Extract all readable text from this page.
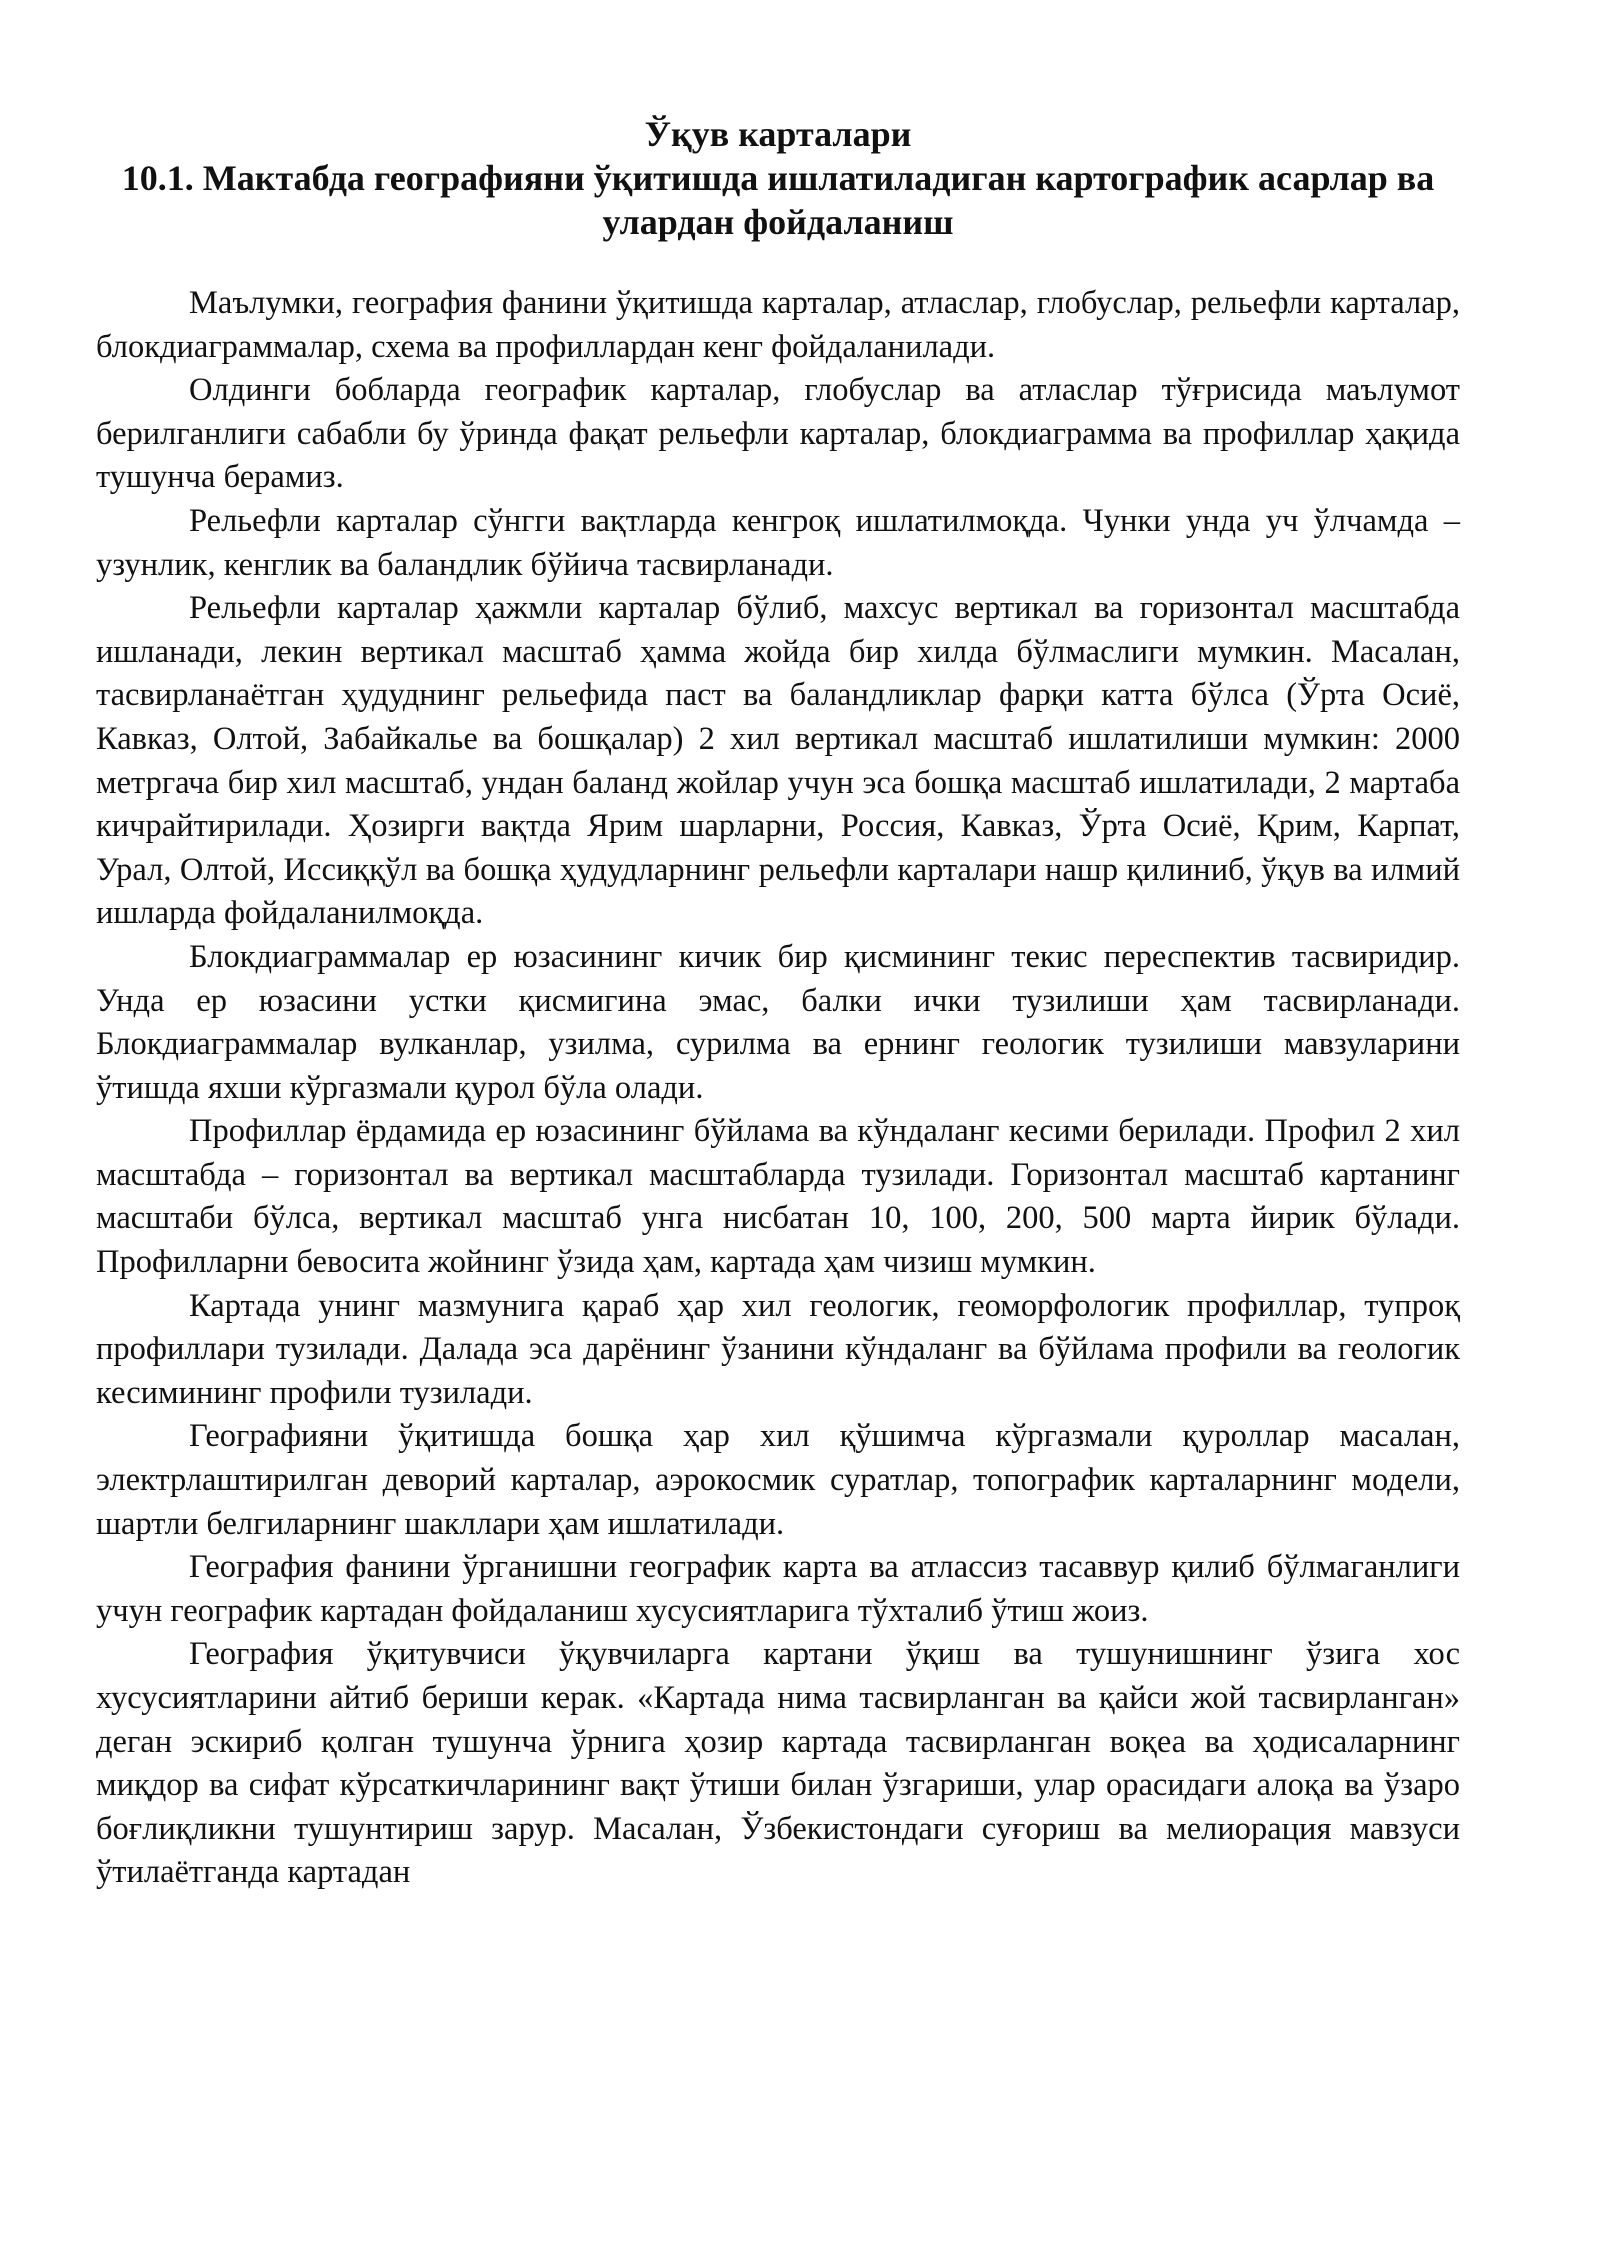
Ўқув карталари
10.1. Мактабда географияни ўқитишда ишлатиладиган картографик асарлар ва улардан фойдаланиш

Маълумки, география фанини ўқитишда карталар, атласлар, глобуслар, рельефли карталар, блокдиаграммалар, схема ва профиллардан кенг фойдаланилади.

Олдинги бобларда географик карталар, глобуслар ва атласлар тўғрисида маълумот берилганлиги сабабли бу ўринда фақат рельефли карталар, блокдиаграмма ва профиллар ҳақида тушунча берамиз.

Рельефли карталар сўнгги вақтларда кенгроқ ишлатилмоқда. Чунки унда уч ўлчамда – узунлик, кенглик ва баландлик бўйича тасвирланади.

Рельефли карталар ҳажмли карталар бўлиб, махсус вертикал ва горизонтал масштабда ишланади, лекин вертикал масштаб ҳамма жойда бир хилда бўлмаслиги мумкин. Масалан, тасвирланаётган ҳудуднинг рельефида паст ва баландликлар фарқи катта бўлса (Ўрта Осиё, Кавказ, Олтой, Забайкалье ва бошқалар) 2 хил вертикал масштаб ишлатилиши мумкин: 2000 метргача бир хил масштаб, ундан баланд жойлар учун эса бошқа масштаб ишлатилади, 2 мартаба кичрайтирилади. Ҳозирги вақтда Ярим шарларни, Россия, Кавказ, Ўрта Осиё, Қрим, Карпат, Урал, Олтой, Иссиққўл ва бошқа ҳудудларнинг рельефли карталари нашр қилиниб, ўқув ва илмий ишларда фойдаланилмоқда.

Блокдиаграммалар ер юзасининг кичик бир қисмининг текис переспектив тасвиридир. Унда ер юзасини устки қисмигина эмас, балки ички тузилиши ҳам тасвирланади. Блокдиаграммалар вулканлар, узилма, сурилма ва ернинг геологик тузилиши мавзуларини ўтишда яхши кўргазмали қурол бўла олади.

Профиллар ёрдамида ер юзасининг бўйлама ва кўндаланг кесими берилади. Профил 2 хил масштабда – горизонтал ва вертикал масштабларда тузилади. Горизонтал масштаб картанинг масштаби бўлса, вертикал масштаб унга нисбатан 10, 100, 200, 500 марта йирик бўлади. Профилларни бевосита жойнинг ўзида ҳам, картада ҳам чизиш мумкин.

Картада унинг мазмунига қараб ҳар хил геологик, геоморфологик профиллар, тупроқ профиллари тузилади. Далада эса дарёнинг ўзанини кўндаланг ва бўйлама профили ва геологик кесимининг профили тузилади.

Географияни ўқитишда бошқа ҳар хил қўшимча кўргазмали қуроллар масалан, электрлаштирилган деворий карталар, аэрокосмик суратлар, топографик карталарнинг модели, шартли белгиларнинг шакллари ҳам ишлатилади.

География фанини ўрганишни географик карта ва атлассиз тасаввур қилиб бўлмаганлиги учун географик картадан фойдаланиш хусусиятларига тўхталиб ўтиш жоиз.

География ўқитувчиси ўқувчиларга картани ўқиш ва тушунишнинг ўзига хос хусусиятларини айтиб бериши керак. «Картада нима тасвирланган ва қайси жой тасвирланган» деган эскириб қолган тушунча ўрнига ҳозир картада тасвирланган воқеа ва ҳодисаларнинг миқдор ва сифат кўрсаткичларининг вақт ўтиши билан ўзгариши, улар орасидаги алоқа ва ўзаро боғлиқликни тушунтириш зарур. Масалан, Ўзбекистондаги суғориш ва мелиорация мавзуси ўтилаётганда картадан
